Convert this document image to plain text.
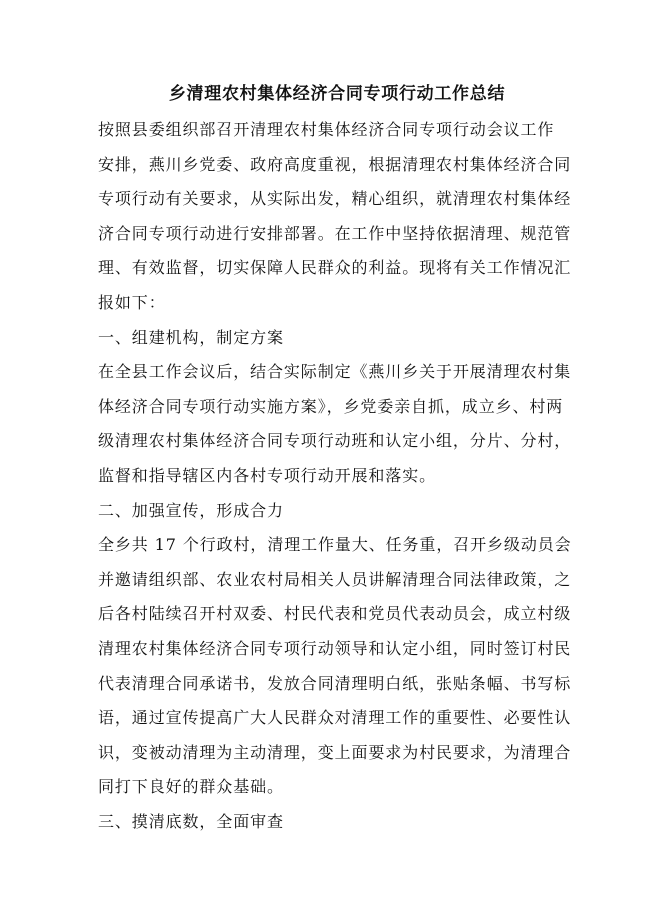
乡清理农村集体经济合同专项行动工作总结
按照县委组织部召开清理农村集体经济合同专项行动会议工作
安排，燕川乡党委、政府高度重视，根据清理农村集体经济合同
专项行动有关要求，从实际出发，精心组织，就清理农村集体经
济合同专项行动进行安排部署。在工作中坚持依据清理、规范管
理、有效监督，切实保障人民群众的利益。现将有关工作情况汇
报如下：
一、组建机构，制定方案
在全县工作会议后，结合实际制定《燕川乡关于开展清理农村集
体经济合同专项行动实施方案》，乡党委亲自抓，成立乡、村两
级清理农村集体经济合同专项行动班和认定小组，分片、分村，
监督和指导辖区内各村专项行动开展和落实。
二、加强宣传，形成合力
全乡共 17 个行政村，清理工作量大、任务重，召开乡级动员会
并邀请组织部、农业农村局相关人员讲解清理合同法律政策，之
后各村陆续召开村双委、村民代表和党员代表动员会，成立村级
清理农村集体经济合同专项行动领导和认定小组，同时签订村民
代表清理合同承诺书，发放合同清理明白纸，张贴条幅、书写标
语，通过宣传提高广大人民群众对清理工作的重要性、必要性认
识，变被动清理为主动清理，变上面要求为村民要求，为清理合
同打下良好的群众基础。
三、摸清底数，全面审查
